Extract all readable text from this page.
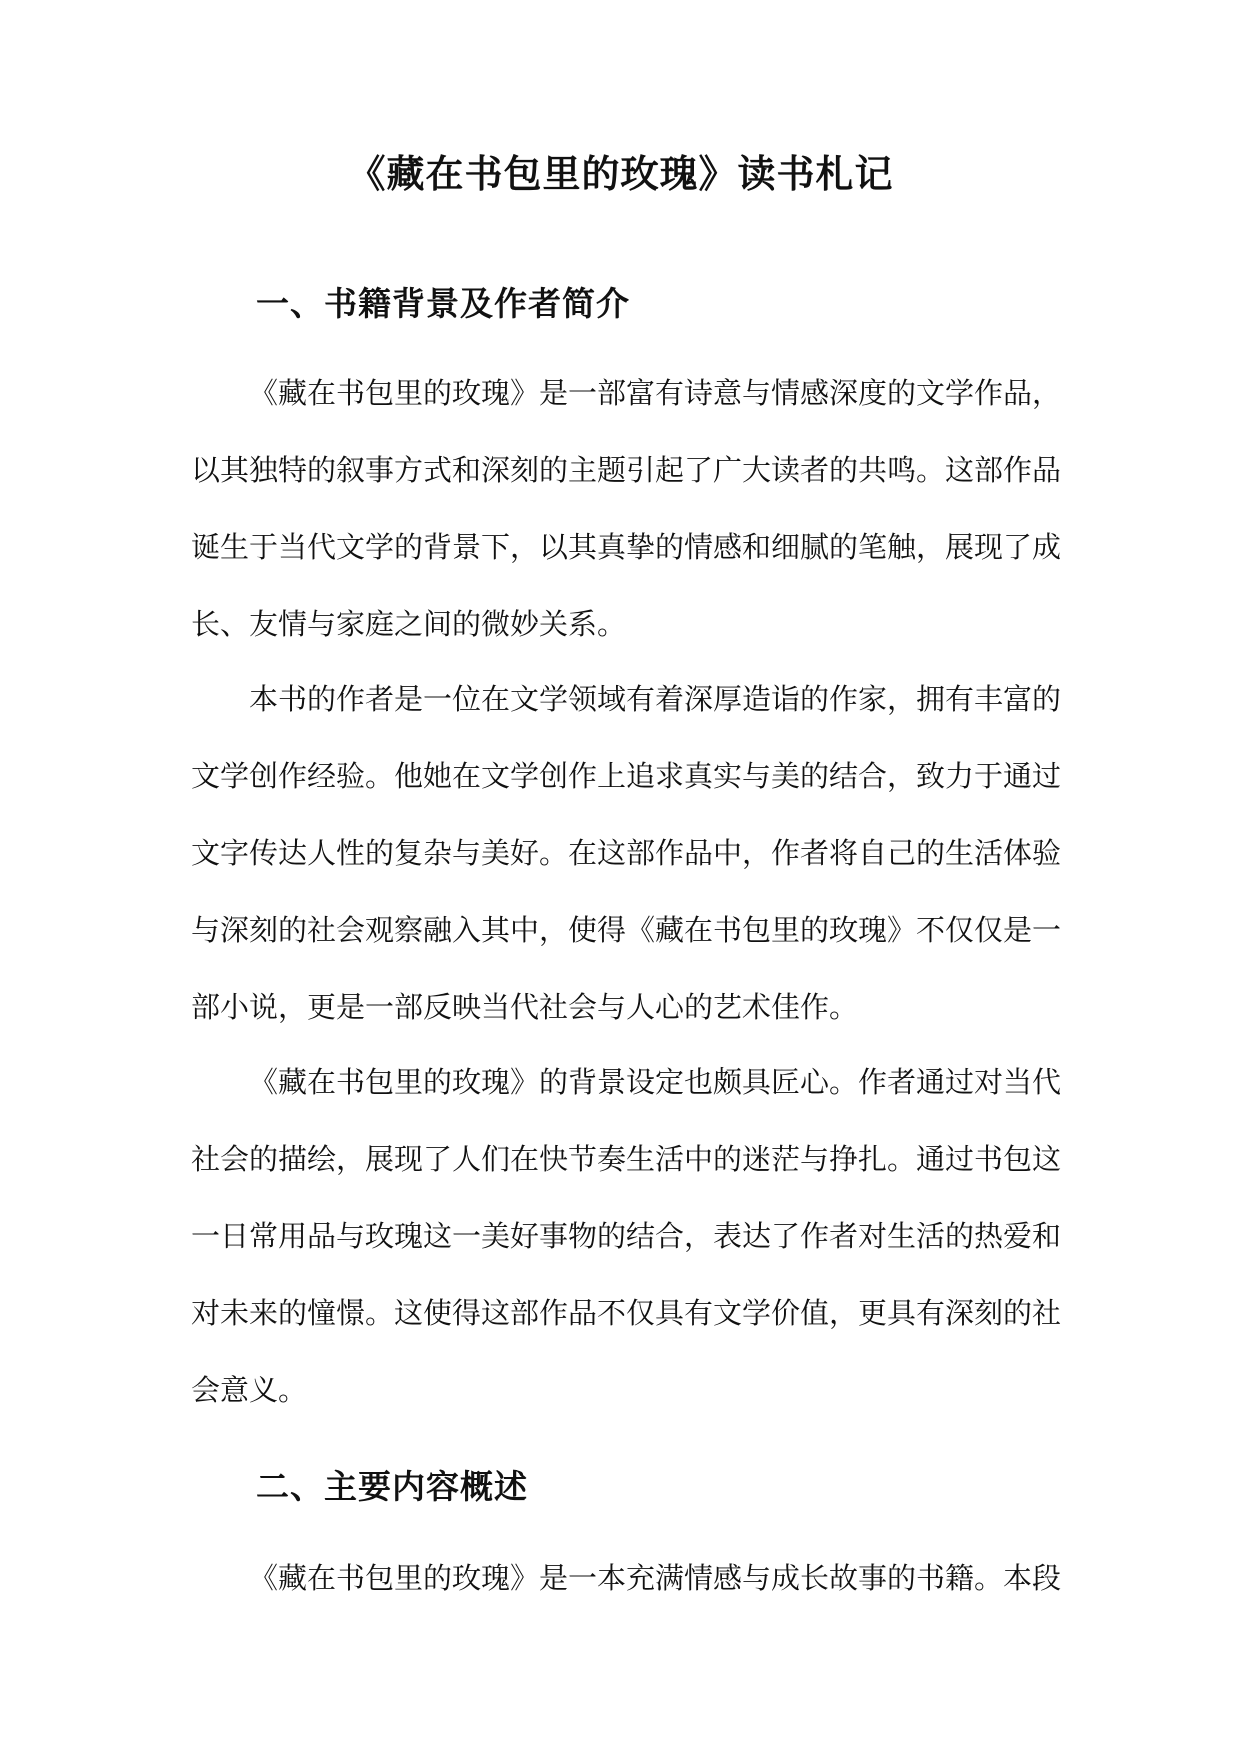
《藏在书包里的玫瑰》读书札记
一、书籍背景及作者简介

《藏在书包里的玫瑰》是一部富有诗意与情感深度的文学作品，以其独特的叙事方式和深刻的主题引起了广大读者的共鸣。这部作品诞生于当代文学的背景下，以其真挚的情感和细腻的笔触，展现了成长、友情与家庭之间的微妙关系。

本书的作者是一位在文学领域有着深厚造诣的作家，拥有丰富的文学创作经验。他她在文学创作上追求真实与美的结合，致力于通过文字传达人性的复杂与美好。在这部作品中，作者将自己的生活体验与深刻的社会观察融入其中，使得《藏在书包里的玫瑰》不仅仅是一部小说，更是一部反映当代社会与人心的艺术佳作。

《藏在书包里的玫瑰》的背景设定也颇具匠心。作者通过对当代社会的描绘，展现了人们在快节奏生活中的迷茫与挣扎。通过书包这一日常用品与玫瑰这一美好事物的结合，表达了作者对生活的热爱和对未来的憧憬。这使得这部作品不仅具有文学价值，更具有深刻的社会意义。

二、主要内容概述

《藏在书包里的玫瑰》是一本充满情感与成长故事的书籍。本段
